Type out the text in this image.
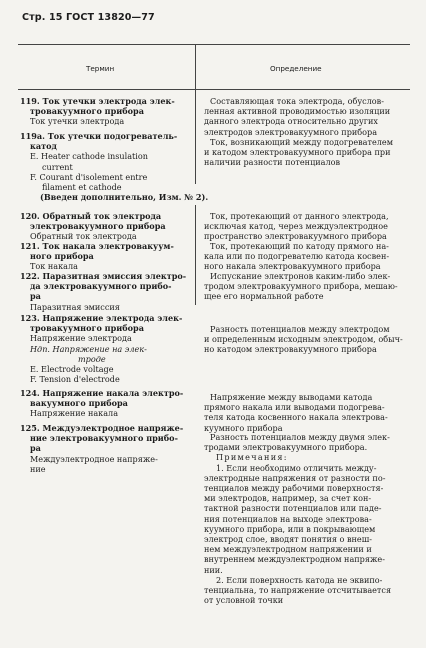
Стр. 15 ГОСТ 13820—77
Термин	Определение
119. Ток утечки электрода элек-
тровакуумного прибора
Ток утечки электрода
119а. Ток утечки подогреватель-
катод
E. Heater cathode insulation
current
F. Courant d'isolement entre
filament et cathode
(Введен дополнительно, Изм. № 2).
120. Обратный ток электрода
электровакуумного прибора
Обратный ток электрода
121. Ток накала электровакуум-
ного прибора
Ток накала
122. Паразитная эмиссия электро-
да электровакуумного прибо-
ра
Паразитная эмиссия
123. Напряжение электрода элек-
тровакуумного прибора
Напряжение электрода
Ндп. Напряжение на элек-
троде
E. Electrode voltage
F. Tension d'electrode
124. Напряжение накала электро-
вакуумного прибора
Напряжение накала
125. Междуэлектродное напряже-
ние электровакуумного прибо-
ра
Междуэлектродное напряже-
ние
Составляющая тока электрода, обуслов-
ленная активной проводимостью изоляции
данного электрода относительно других
электродов электровакуумного прибора
Ток, возникающий между подогревателем
и катодом электровакуумного прибора при
наличии разности потенциалов
Ток, протекающий от данного электрода,
исключая катод, через междуэлектродное
пространство электровакуумного прибора
Ток, протекающий по катоду прямого на-
кала или по подогревателю катода косвен-
ного накала электровакуумного прибора
Испускание электронов каким-либо элек-
тродом электровакуумного прибора, мешаю-
щее его нормальной работе
Разность потенциалов между электродом
и определенным исходным электродом, обыч-
но катодом электровакуумного прибора
Напряжение между выводами катода
прямого накала или выводами подогрева-
теля катода косвенного накала электрова-
куумного прибора
Разность потенциалов между двумя элек-
тродами электровакуумного прибора.
Примечания:
1. Если необходимо отличить между-
электродные напряжения от разности по-
тенциалов между рабочими поверхностя-
ми электродов, например, за счет кон-
тактной разности потенциалов или паде-
ния потенциалов на выходе электрова-
куумного прибора, или в покрывающем
электрод слое, вводят понятия о внеш-
нем междуэлектродном напряжении и
внутреннем междуэлектродном напряже-
нии.
2. Если поверхность катода не эквипо-
тенциальна, то напряжение отсчитывается
от условной точки
